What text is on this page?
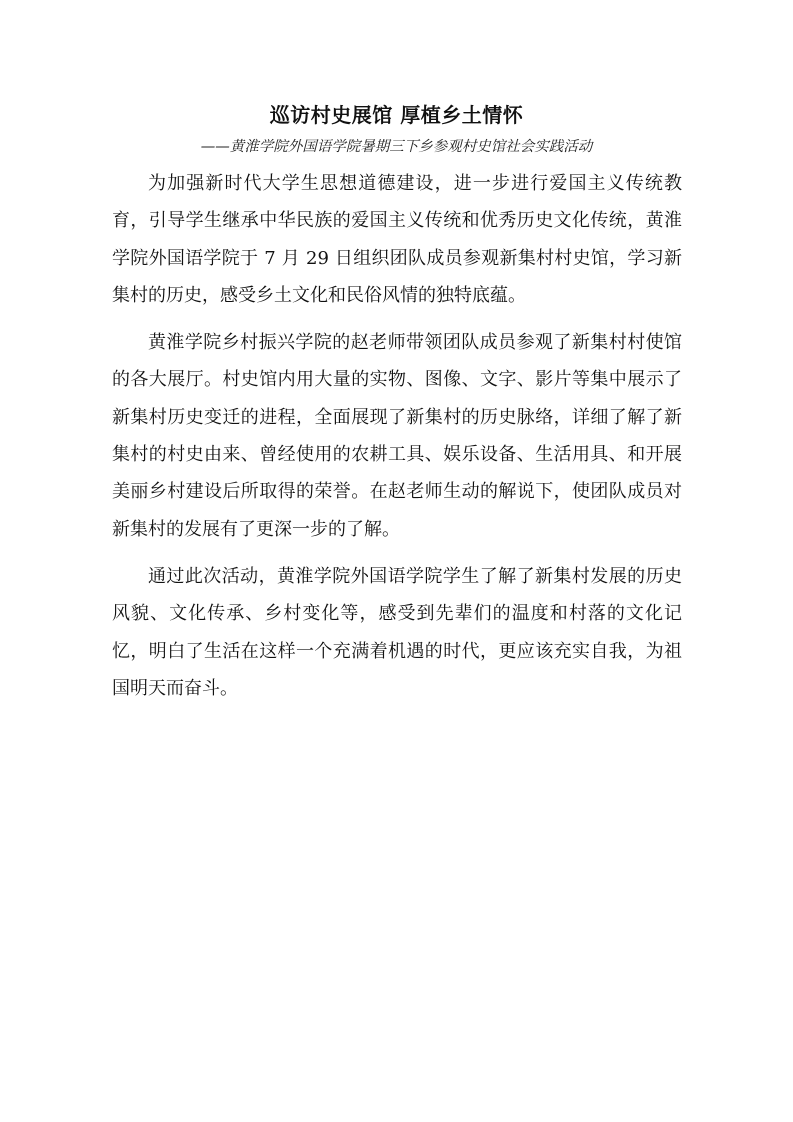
巡访村史展馆 厚植乡土情怀

——黄淮学院外国语学院暑期三下乡参观村史馆社会实践活动

为加强新时代大学生思想道德建设，进一步进行爱国主义传统教育，引导学生继承中华民族的爱国主义传统和优秀历史文化传统，黄淮学院外国语学院于 7 月 29 日组织团队成员参观新集村村史馆，学习新集村的历史，感受乡土文化和民俗风情的独特底蕴。

黄淮学院乡村振兴学院的赵老师带领团队成员参观了新集村村使馆的各大展厅。村史馆内用大量的实物、图像、文字、影片等集中展示了新集村历史变迁的进程，全面展现了新集村的历史脉络，详细了解了新集村的村史由来、曾经使用的农耕工具、娱乐设备、生活用具、和开展美丽乡村建设后所取得的荣誉。在赵老师生动的解说下，使团队成员对新集村的发展有了更深一步的了解。

通过此次活动，黄淮学院外国语学院学生了解了新集村发展的历史风貌、文化传承、乡村变化等，感受到先辈们的温度和村落的文化记忆，明白了生活在这样一个充满着机遇的时代，更应该充实自我，为祖国明天而奋斗。
